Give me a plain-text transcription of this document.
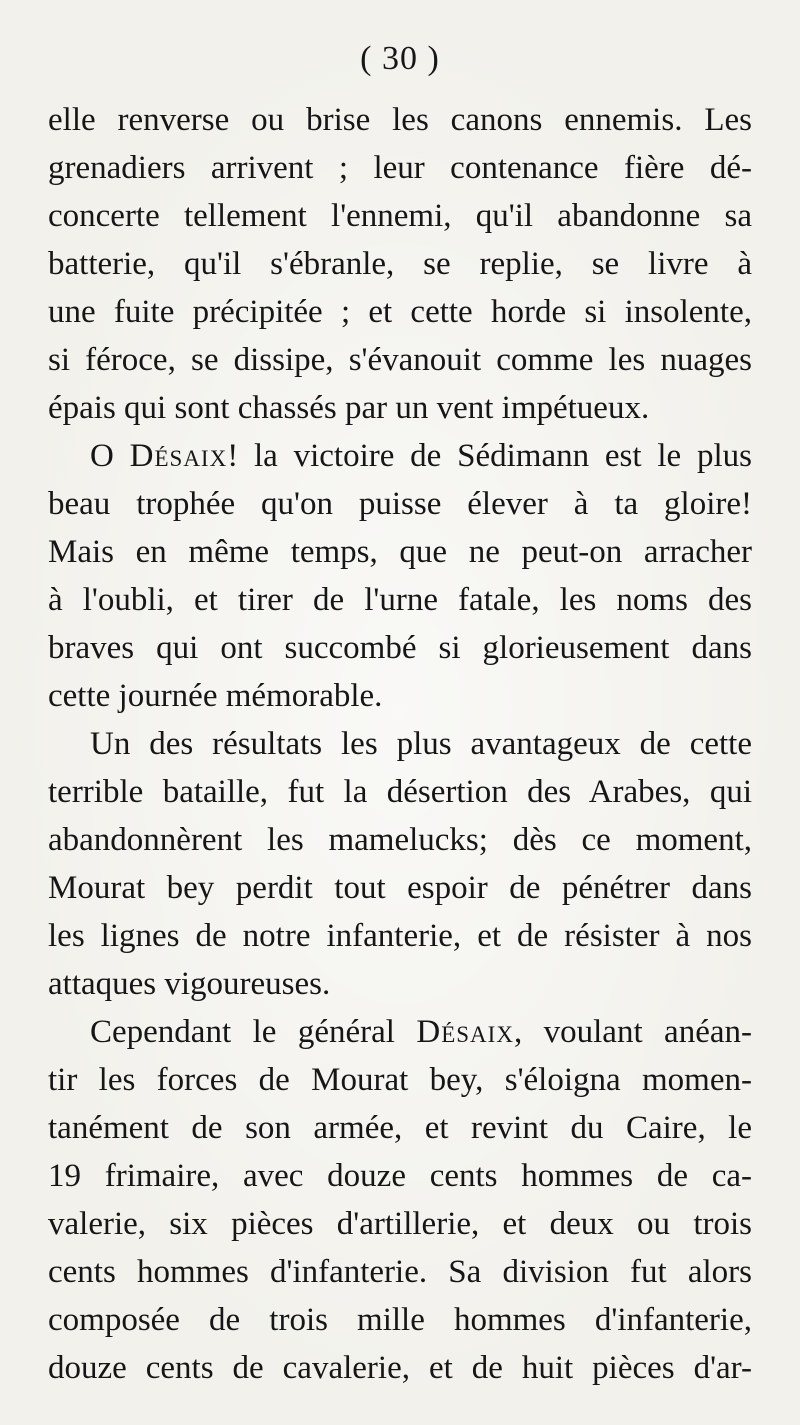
( 30 )
elle renverse ou brise les canons ennemis. Les
grenadiers arrivent ; leur contenance fière dé-
concerte tellement l'ennemi, qu'il abandonne sa
batterie, qu'il s'ébranle, se replie, se livre à
une fuite précipitée ; et cette horde si insolente,
si féroce, se dissipe, s'évanouit comme les nuages
épais qui sont chassés par un vent impétueux.
O Désaix! la victoire de Sédimann est le plus
beau trophée qu'on puisse élever à ta gloire!
Mais en même temps, que ne peut-on arracher
à l'oubli, et tirer de l'urne fatale, les noms des
braves qui ont succombé si glorieusement dans
cette journée mémorable.
Un des résultats les plus avantageux de cette
terrible bataille, fut la désertion des Arabes, qui
abandonnèrent les mamelucks; dès ce moment,
Mourat bey perdit tout espoir de pénétrer dans
les lignes de notre infanterie, et de résister à nos
attaques vigoureuses.
Cependant le général Désaix, voulant anéan-
tir les forces de Mourat bey, s'éloigna momen-
tanément de son armée, et revint du Caire, le
19 frimaire, avec douze cents hommes de ca-
valerie, six pièces d'artillerie, et deux ou trois
cents hommes d'infanterie. Sa division fut alors
composée de trois mille hommes d'infanterie,
douze cents de cavalerie, et de huit pièces d'ar-
